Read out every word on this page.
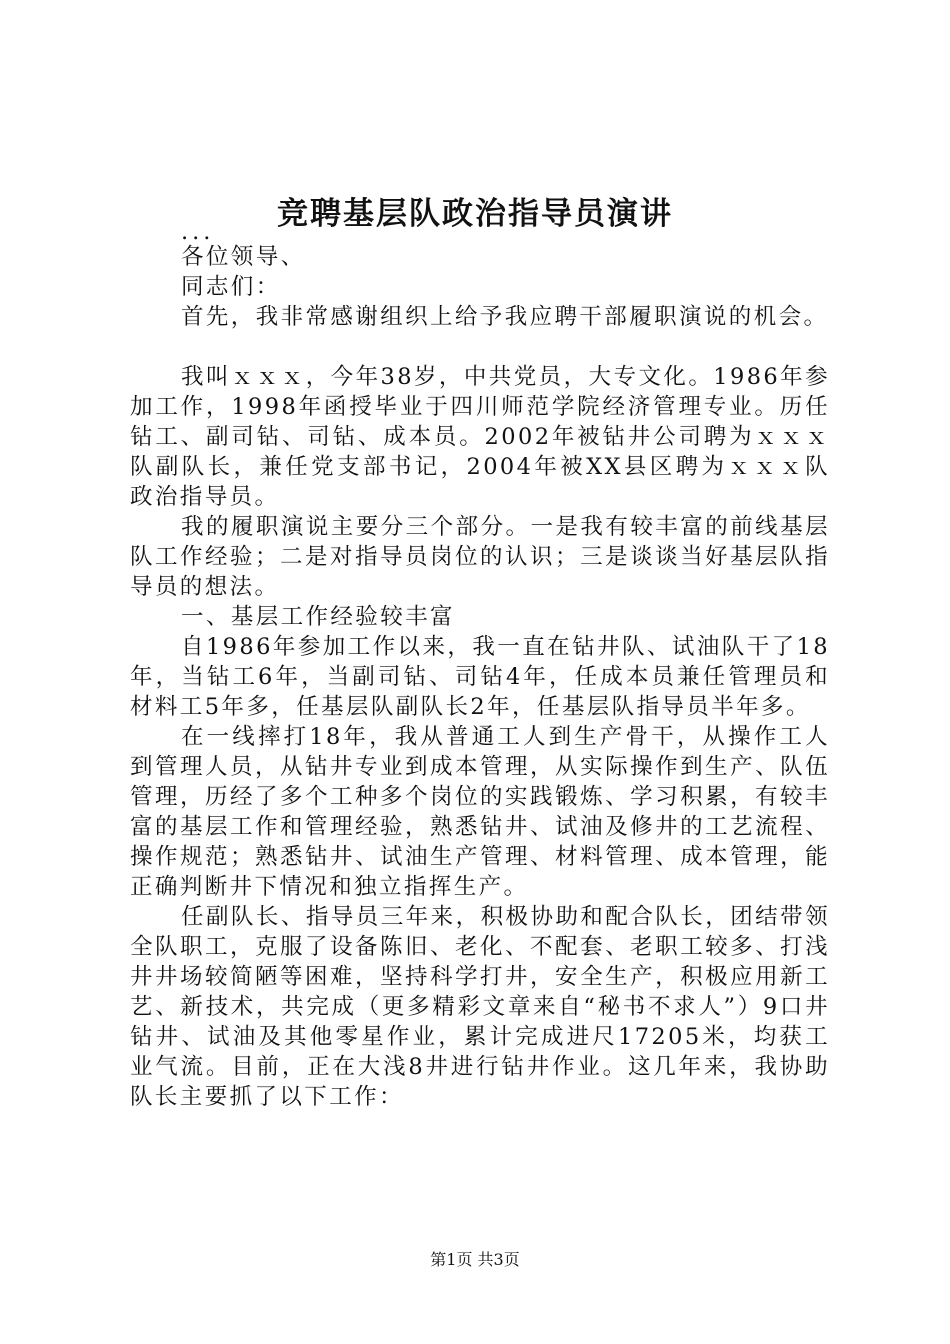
竞聘基层队政治指导员演讲

...

各位领导、

同志们：

首先，我非常感谢组织上给予我应聘干部履职演说的机会。

我叫ｘｘｘ，今年38岁，中共党员，大专文化。1986年参加工作，1998年函授毕业于四川师范学院经济管理专业。历任钻工、副司钻、司钻、成本员。2002年被钻井公司聘为ｘｘｘ队副队长，兼任党支部书记，2004年被XX县区聘为ｘｘｘ队政治指导员。

我的履职演说主要分三个部分。一是我有较丰富的前线基层队工作经验；二是对指导员岗位的认识；三是谈谈当好基层队指导员的想法。

一、基层工作经验较丰富

自1986年参加工作以来，我一直在钻井队、试油队干了18年，当钻工6年，当副司钻、司钻4年，任成本员兼任管理员和材料工5年多，任基层队副队长2年，任基层队指导员半年多。

在一线摔打18年，我从普通工人到生产骨干，从操作工人到管理人员，从钻井专业到成本管理，从实际操作到生产、队伍管理，历经了多个工种多个岗位的实践锻炼、学习积累，有较丰富的基层工作和管理经验，熟悉钻井、试油及修井的工艺流程、操作规范；熟悉钻井、试油生产管理、材料管理、成本管理，能正确判断井下情况和独立指挥生产。

任副队长、指导员三年来，积极协助和配合队长，团结带领全队职工，克服了设备陈旧、老化、不配套、老职工较多、打浅井井场较简陋等困难，坚持科学打井，安全生产，积极应用新工艺、新技术，共完成（更多精彩文章来自“秘书不求人”）9口井钻井、试油及其他零星作业，累计完成进尺17205米，均获工业气流。目前，正在大浅8井进行钻井作业。这几年来，我协助队长主要抓了以下工作：

第1页 共3页
